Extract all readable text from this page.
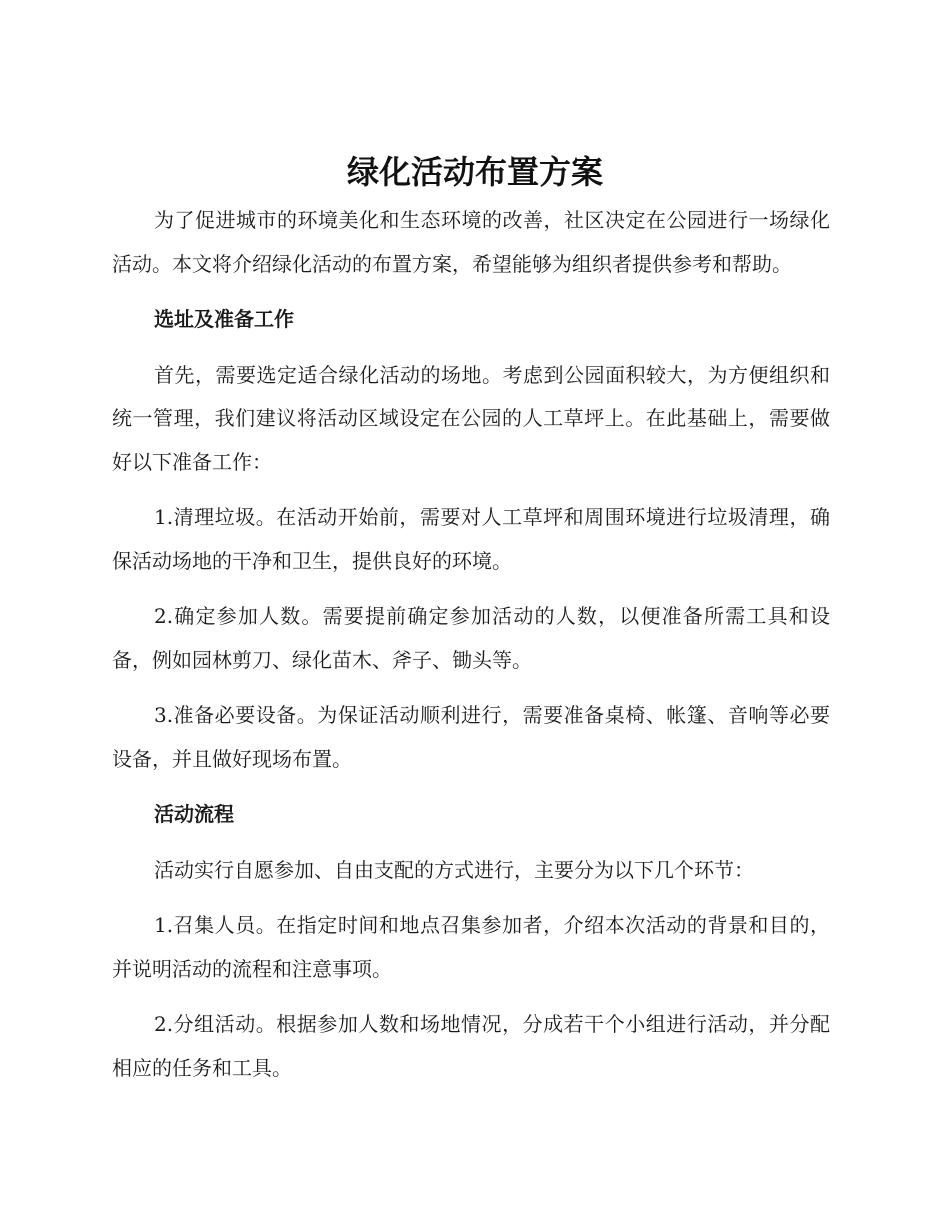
绿化活动布置方案

为了促进城市的环境美化和生态环境的改善，社区决定在公园进行一场绿化活动。本文将介绍绿化活动的布置方案，希望能够为组织者提供参考和帮助。

选址及准备工作

首先，需要选定适合绿化活动的场地。考虑到公园面积较大，为方便组织和统一管理，我们建议将活动区域设定在公园的人工草坪上。在此基础上，需要做好以下准备工作：

1.清理垃圾。在活动开始前，需要对人工草坪和周围环境进行垃圾清理，确保活动场地的干净和卫生，提供良好的环境。

2.确定参加人数。需要提前确定参加活动的人数，以便准备所需工具和设备，例如园林剪刀、绿化苗木、斧子、锄头等。

3.准备必要设备。为保证活动顺利进行，需要准备桌椅、帐篷、音响等必要设备，并且做好现场布置。

活动流程

活动实行自愿参加、自由支配的方式进行，主要分为以下几个环节：

1.召集人员。在指定时间和地点召集参加者，介绍本次活动的背景和目的，并说明活动的流程和注意事项。

2.分组活动。根据参加人数和场地情况，分成若干个小组进行活动，并分配相应的任务和工具。
